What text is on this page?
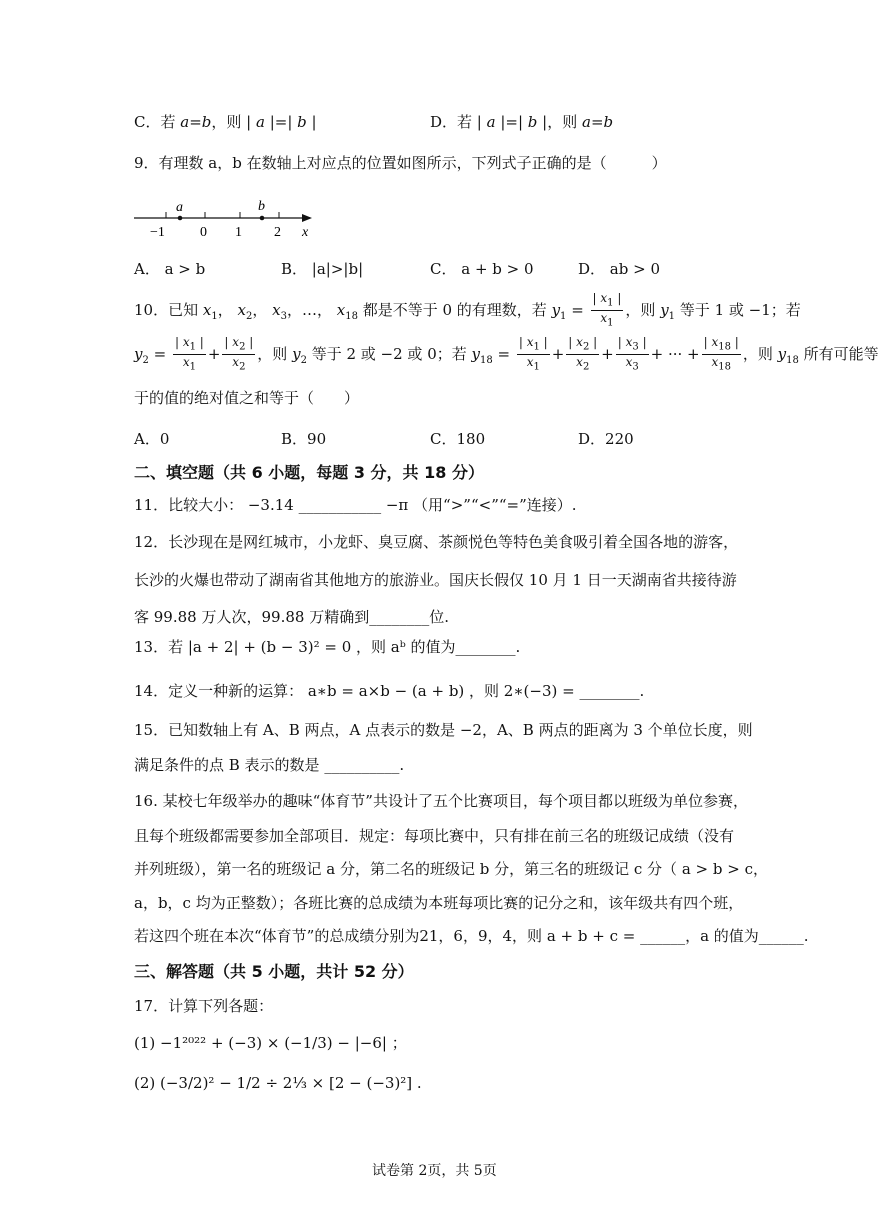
C．若 a=b，则 | a |=| b |	D．若 | a |=| b |，则 a=b
9．有理数 a，b 在数轴上对应点的位置如图所示，下列式子正确的是（　　　）
a	b
−1	0 1 2 x
A． a > b	B． |a|>|b|	C． a + b > 0	D． ab > 0
10．已知 $x_1$， $x_2$， $x_3$，…， $x_{18}$ 都是不等于 0 的有理数，若 $y_1 = \frac{| x_1 |}{x_1}$ ，则 $y_1$ 等于 1 或 −1；若
$y_2 = \frac{| x_1 |}{x_1} + \frac{| x_2 |}{x_2}$ ，则 $y_2$ 等于 2 或 −2 或 0；若 $y_{18} = \frac{| x_1 |}{x_1} + \frac{| x_2 |}{x_2} + \frac{| x_3 |}{x_3}$ + ··· + $\frac{| x_{18} |}{x_{18}}$ ，则 $y_{18}$ 所有可能等
于的值的绝对值之和等于（　　）
A．0	B．90	C．180	D．220
二、填空题（共 6 小题，每题 3 分，共 18 分）
11．比较大小： −3.14 ___________ −π （用“>”“<”“=”连接）.
12．长沙现在是网红城市，小龙虾、臭豆腐、茶颜悦色等特色美食吸引着全国各地的游客，
长沙的火爆也带动了湖南省其他地方的旅游业。国庆长假仅 10 月 1 日一天湖南省共接待游
客 99.88 万人次，99.88 万精确到________位.
13．若 |a + 2| + (b − 3)² = 0 ，则 aᵇ 的值为________.
14．定义一种新的运算： a∗b = a×b − (a + b) ，则 2∗(−3) = ________.
15．已知数轴上有 A、B 两点，A 点表示的数是 −2，A、B 两点的距离为 3 个单位长度，则
满足条件的点 B 表示的数是 __________.
16. 某校七年级举办的趣味“体育节”共设计了五个比赛项目，每个项目都以班级为单位参赛，
且每个班级都需要参加全部项目．规定：每项比赛中，只有排在前三名的班级记成绩（没有
并列班级），第一名的班级记 a 分，第二名的班级记 b 分，第三名的班级记 c 分（ a > b > c，
a，b，c 均为正整数）；各班比赛的总成绩为本班每项比赛的记分之和，该年级共有四个班，
若这四个班在本次“体育节”的总成绩分别为21，6，9，4，则 a + b + c = ______，a 的值为______.
三、解答题（共 5 小题，共计 52 分）
17．计算下列各题：
(1) −1²⁰²² + (−3) × (−1/3) − |−6| ；
(2) (−3/2)² − 1/2 ÷ 2⅓ × [2 − (−3)²] .
试卷第 2页，共 5页
